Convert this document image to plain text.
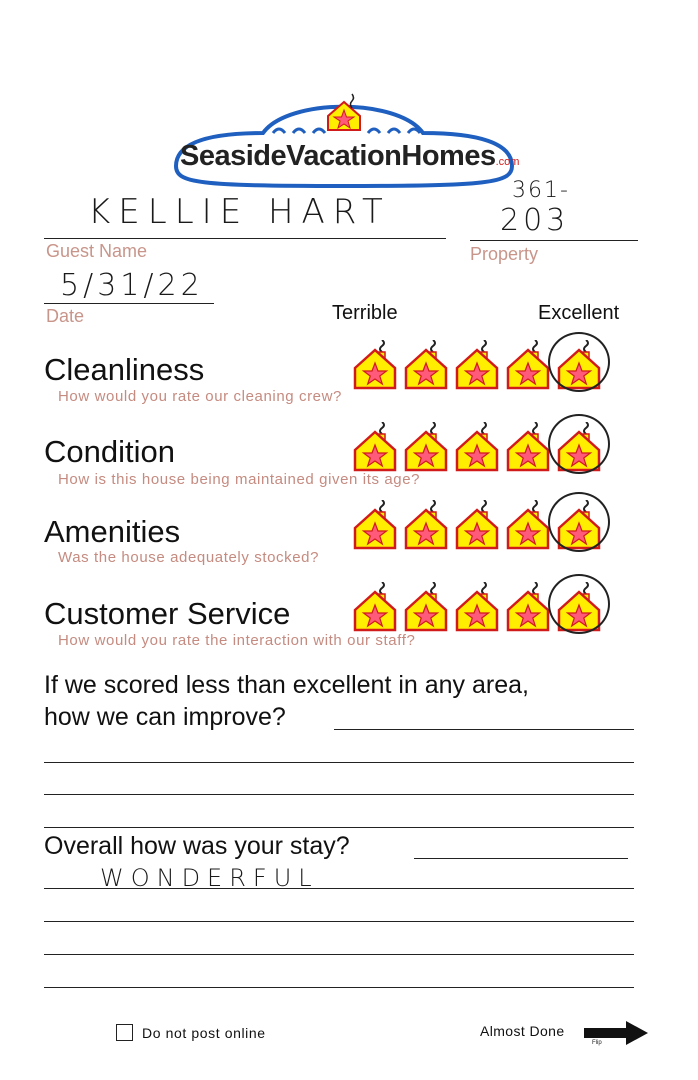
SeasideVacationHomes.com
KELLIE HART
Guest Name
361-
203
Property
5/31/22
Date	Terrible	Excellent
Cleanliness
How would you rate our cleaning crew?
Condition
How is this house being maintained given its age?
Amenities
Was the house adequately stocked?
Customer Service
How would you rate the interaction with our staff?
If we scored less than excellent in any area,
how we can improve?
Overall how was your stay?
WONDERFUL
Do not post online	Almost Done
Flip
